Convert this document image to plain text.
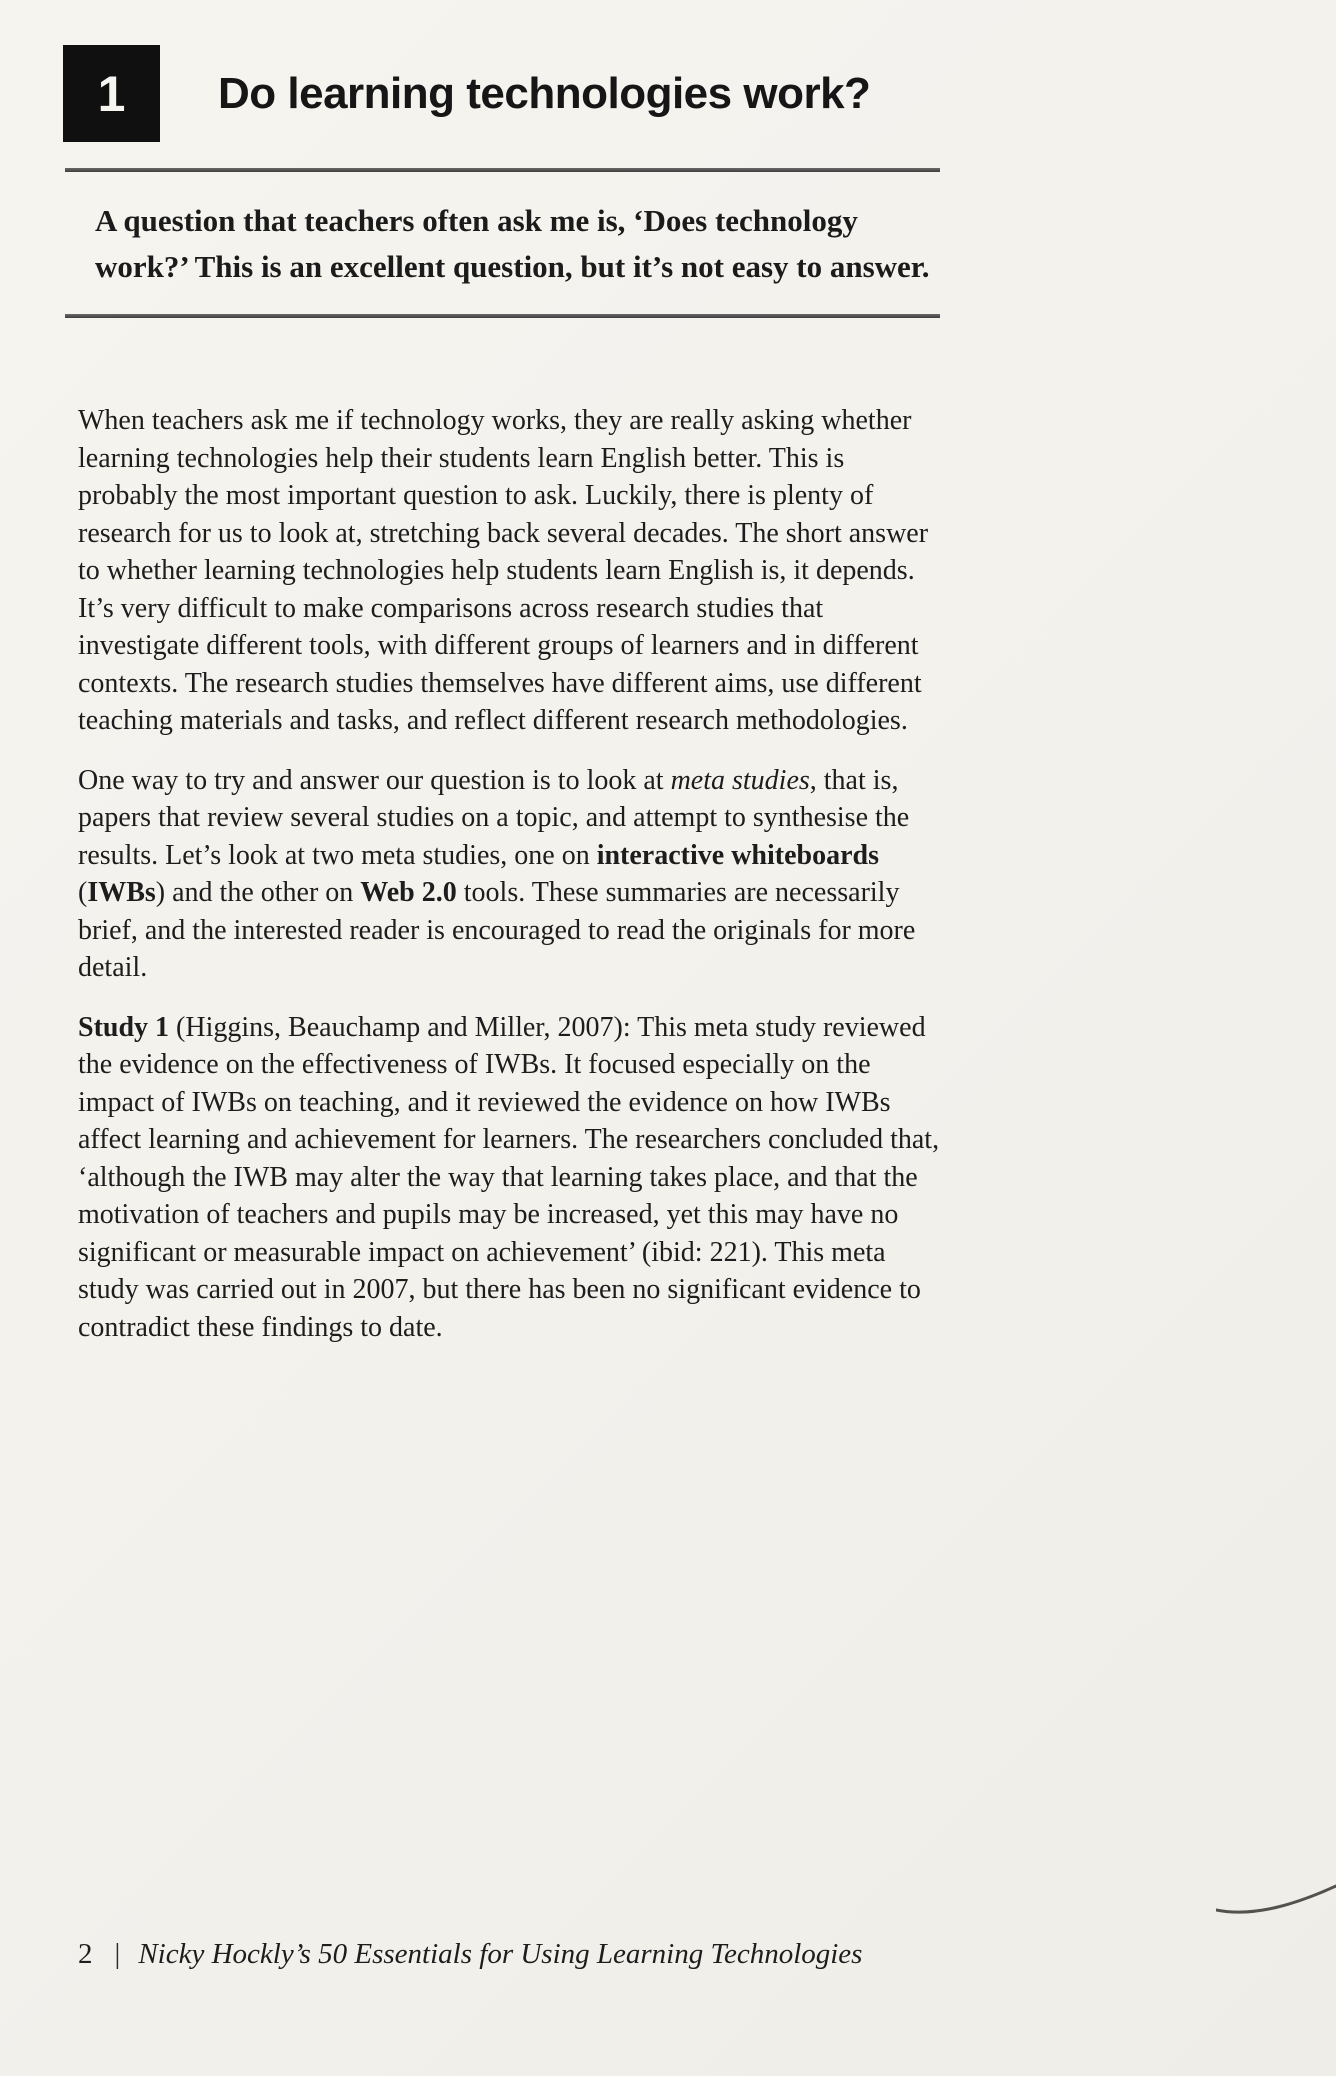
1 Do learning technologies work?

A question that teachers often ask me is, ‘Does technology work?’ This is an excellent question, but it’s not easy to answer.

When teachers ask me if technology works, they are really asking whether learning technologies help their students learn English better. This is probably the most important question to ask. Luckily, there is plenty of research for us to look at, stretching back several decades. The short answer to whether learning technologies help students learn English is, it depends. It’s very difficult to make comparisons across research studies that investigate different tools, with different groups of learners and in different contexts. The research studies themselves have different aims, use different teaching materials and tasks, and reflect different research methodologies.

One way to try and answer our question is to look at meta studies, that is, papers that review several studies on a topic, and attempt to synthesise the results. Let’s look at two meta studies, one on interactive whiteboards (IWBs) and the other on Web 2.0 tools. These summaries are necessarily brief, and the interested reader is encouraged to read the originals for more detail.

Study 1 (Higgins, Beauchamp and Miller, 2007): This meta study reviewed the evidence on the effectiveness of IWBs. It focused especially on the impact of IWBs on teaching, and it reviewed the evidence on how IWBs affect learning and achievement for learners. The researchers concluded that, ‘although the IWB may alter the way that learning takes place, and that the motivation of teachers and pupils may be increased, yet this may have no significant or measurable impact on achievement’ (ibid: 221). This meta study was carried out in 2007, but there has been no significant evidence to contradict these findings to date.

2 | Nicky Hockly’s 50 Essentials for Using Learning Technologies
